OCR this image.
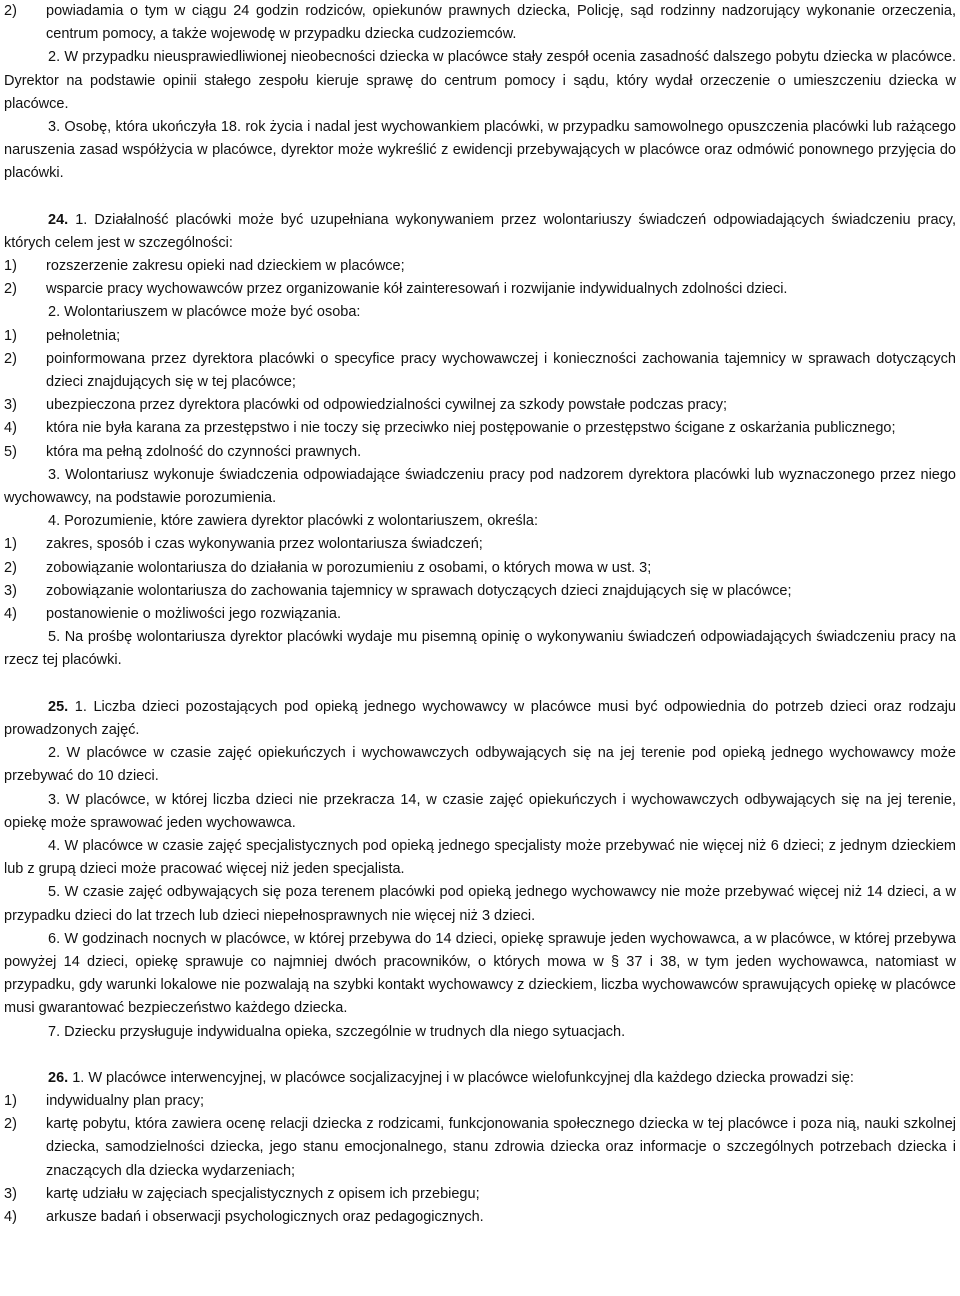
2)	powiadamia o tym w ciągu 24 godzin rodziców, opiekunów prawnych dziecka, Policję, sąd rodzinny nadzorujący wykonanie orzeczenia, centrum pomocy, a także wojewodę w przypadku dziecka cudzoziemców.

2. W przypadku nieusprawiedliwionej nieobecności dziecka w placówce stały zespół ocenia zasadność dalszego pobytu dziecka w placówce. Dyrektor na podstawie opinii stałego zespołu kieruje sprawę do centrum pomocy i sądu, który wydał orzeczenie o umieszczeniu dziecka w placówce.

3. Osobę, która ukończyła 18. rok życia i nadal jest wychowankiem placówki, w przypadku samowolnego opuszczenia placówki lub rażącego naruszenia zasad współżycia w placówce, dyrektor może wykreślić z ewidencji przebywających w placówce oraz odmówić ponownego przyjęcia do placówki.

24. 1. Działalność placówki może być uzupełniana wykonywaniem przez wolontariuszy świadczeń odpowiadających świadczeniu pracy, których celem jest w szczególności:

1)	rozszerzenie zakresu opieki nad dzieckiem w placówce;
2)	wsparcie pracy wychowawców przez organizowanie kół zainteresowań i rozwijanie indywidualnych zdolności dzieci.

2. Wolontariuszem w placówce może być osoba:

1)	pełnoletnia;
2)	poinformowana przez dyrektora placówki o specyfice pracy wychowawczej i konieczności zachowania tajemnicy w sprawach dotyczących dzieci znajdujących się w tej placówce;
3)	ubezpieczona przez dyrektora placówki od odpowiedzialności cywilnej za szkody powstałe podczas pracy;
4)	która nie była karana za przestępstwo i nie toczy się przeciwko niej postępowanie o przestępstwo ścigane z oskarżania publicznego;
5)	która ma pełną zdolność do czynności prawnych.

3. Wolontariusz wykonuje świadczenia odpowiadające świadczeniu pracy pod nadzorem dyrektora placówki lub wyznaczonego przez niego wychowawcy, na podstawie porozumienia.

4. Porozumienie, które zawiera dyrektor placówki z wolontariuszem, określa:

1)	zakres, sposób i czas wykonywania przez wolontariusza świadczeń;
2)	zobowiązanie wolontariusza do działania w porozumieniu z osobami, o których mowa w ust. 3;
3)	zobowiązanie wolontariusza do zachowania tajemnicy w sprawach dotyczących dzieci znajdujących się w placówce;
4)	postanowienie o możliwości jego rozwiązania.

5. Na prośbę wolontariusza dyrektor placówki wydaje mu pisemną opinię o wykonywaniu świadczeń odpowiadających świadczeniu pracy na rzecz tej placówki.

25. 1. Liczba dzieci pozostających pod opieką jednego wychowawcy w placówce musi być odpowiednia do potrzeb dzieci oraz rodzaju prowadzonych zajęć.

2. W placówce w czasie zajęć opiekuńczych i wychowawczych odbywających się na jej terenie pod opieką jednego wychowawcy może przebywać do 10 dzieci.

3. W placówce, w której liczba dzieci nie przekracza 14, w czasie zajęć opiekuńczych i wychowawczych odbywających się na jej terenie, opiekę może sprawować jeden wychowawca.

4. W placówce w czasie zajęć specjalistycznych pod opieką jednego specjalisty może przebywać nie więcej niż 6 dzieci; z jednym dzieckiem lub z grupą dzieci może pracować więcej niż jeden specjalista.

5. W czasie zajęć odbywających się poza terenem placówki pod opieką jednego wychowawcy nie może przebywać więcej niż 14 dzieci, a w przypadku dzieci do lat trzech lub dzieci niepełnosprawnych nie więcej niż 3 dzieci.

6. W godzinach nocnych w placówce, w której przebywa do 14 dzieci, opiekę sprawuje jeden wychowawca, a w placówce, w której przebywa powyżej 14 dzieci, opiekę sprawuje co najmniej dwóch pracowników, o których mowa w § 37 i 38, w tym jeden wychowawca, natomiast w przypadku, gdy warunki lokalowe nie pozwalają na szybki kontakt wychowawcy z dzieckiem, liczba wychowawców sprawujących opiekę w placówce musi gwarantować bezpieczeństwo każdego dziecka.

7. Dziecku przysługuje indywidualna opieka, szczególnie w trudnych dla niego sytuacjach.

26. 1. W placówce interwencyjnej, w placówce socjalizacyjnej i w placówce wielofunkcyjnej dla każdego dziecka prowadzi się:

1)	indywidualny plan pracy;
2)	kartę pobytu, która zawiera ocenę relacji dziecka z rodzicami, funkcjonowania społecznego dziecka w tej placówce i poza nią, nauki szkolnej dziecka, samodzielności dziecka, jego stanu emocjonalnego, stanu zdrowia dziecka oraz informacje o szczególnych potrzebach dziecka i znaczących dla dziecka wydarzeniach;
3)	kartę udziału w zajęciach specjalistycznych z opisem ich przebiegu;
4)	arkusze badań i obserwacji psychologicznych oraz pedagogicznych.
